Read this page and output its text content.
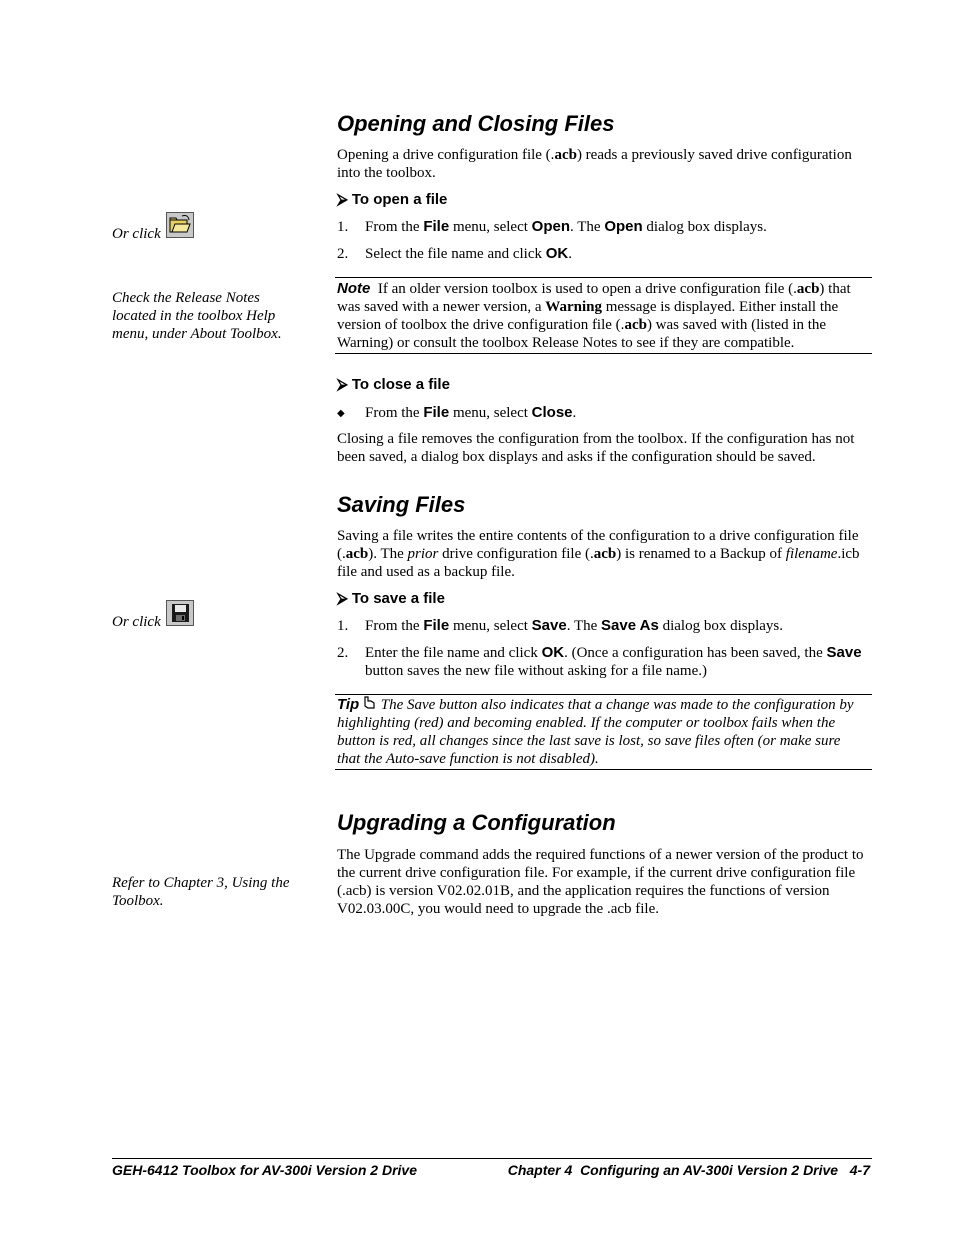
Or click
Check the Release Notes located in the toolbox Help menu, under About Toolbox.
Or click
Refer to Chapter 3, Using the Toolbox.
Opening and Closing Files
Opening a drive configuration file (.acb) reads a previously saved drive configuration into the toolbox.
⮚ To open a file
1. From the File menu, select Open. The Open dialog box displays.
2. Select the file name and click OK.
Note If an older version toolbox is used to open a drive configuration file (.acb) that was saved with a newer version, a Warning message is displayed. Either install the version of toolbox the drive configuration file (.acb) was saved with (listed in the Warning) or consult the toolbox Release Notes to see if they are compatible.
⮚ To close a file
◆ From the File menu, select Close.
Closing a file removes the configuration from the toolbox. If the configuration has not been saved, a dialog box displays and asks if the configuration should be saved.
Saving Files
Saving a file writes the entire contents of the configuration to a drive configuration file (.acb). The prior drive configuration file (.acb) is renamed to a Backup of filename.icb file and used as a backup file.
⮚ To save a file
1. From the File menu, select Save. The Save As dialog box displays.
2.	Enter the file name and click OK. (Once a configuration has been saved, the Save button saves the new file without asking for a file name.)
Tip The Save button also indicates that a change was made to the configuration by highlighting (red) and becoming enabled. If the computer or toolbox fails when the button is red, all changes since the last save is lost, so save files often (or make sure that the Auto-save function is not disabled).
Upgrading a Configuration
The Upgrade command adds the required functions of a newer version of the product to the current drive configuration file. For example, if the current drive configuration file (.acb) is version V02.02.01B, and the application requires the functions of version V02.03.00C, you would need to upgrade the .acb file.
GEH-6412 Toolbox for AV-300i Version 2 Drive	Chapter 4  Configuring an AV-300i Version 2 Drive   4-7
